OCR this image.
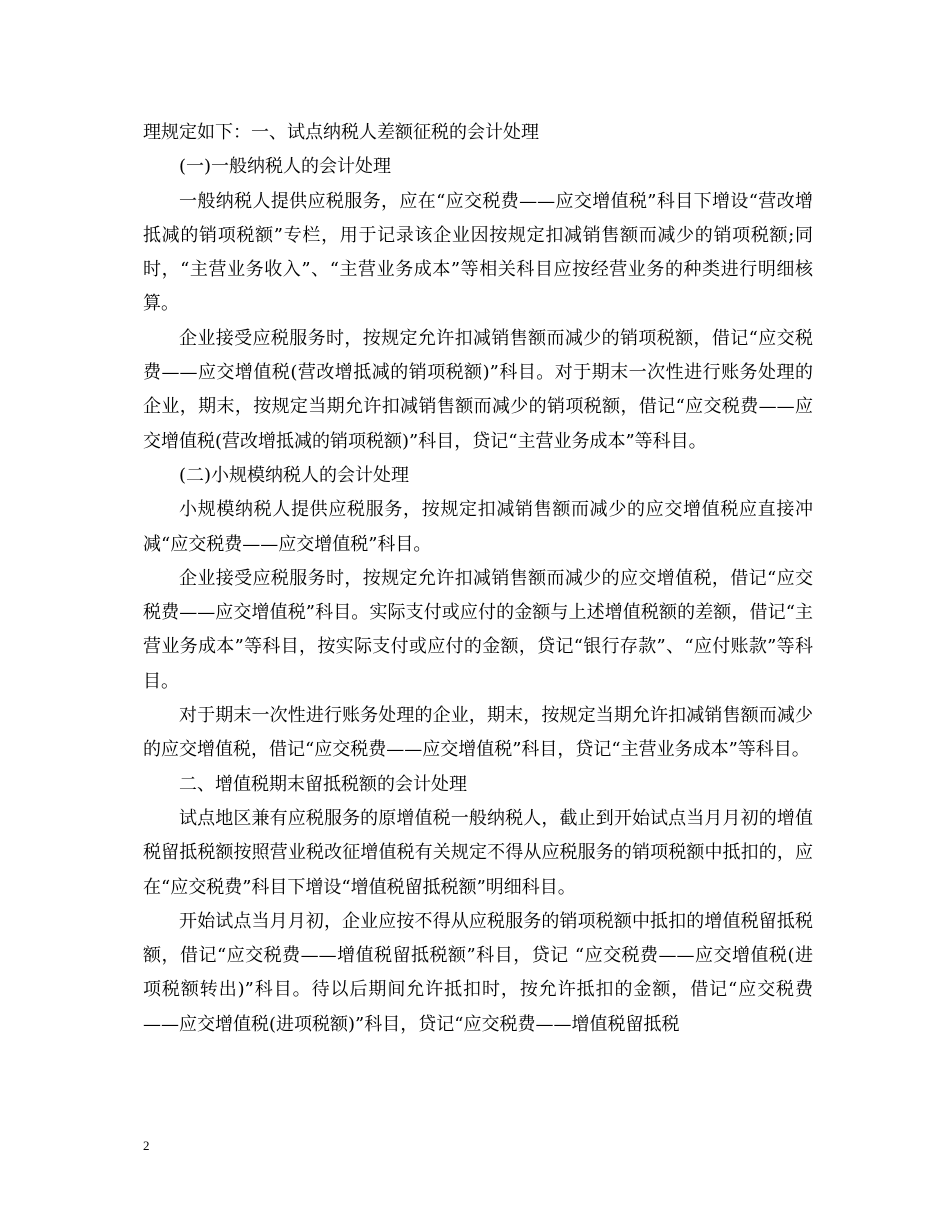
理规定如下：一、试点纳税人差额征税的会计处理

(一)一般纳税人的会计处理

一般纳税人提供应税服务，应在“应交税费——应交增值税”科目下增设“营改增抵减的销项税额”专栏，用于记录该企业因按规定扣减销售额而减少的销项税额;同时，“主营业务收入”、“主营业务成本”等相关科目应按经营业务的种类进行明细核算。

企业接受应税服务时，按规定允许扣减销售额而减少的销项税额，借记“应交税费——应交增值税(营改增抵减的销项税额)”科目。对于期末一次性进行账务处理的企业，期末，按规定当期允许扣减销售额而减少的销项税额，借记“应交税费——应交增值税(营改增抵减的销项税额)”科目，贷记“主营业务成本”等科目。

(二)小规模纳税人的会计处理

小规模纳税人提供应税服务，按规定扣减销售额而减少的应交增值税应直接冲减“应交税费——应交增值税”科目。

企业接受应税服务时，按规定允许扣减销售额而减少的应交增值税，借记“应交税费——应交增值税”科目。实际支付或应付的金额与上述增值税额的差额，借记“主营业务成本”等科目，按实际支付或应付的金额，贷记“银行存款”、“应付账款”等科目。

对于期末一次性进行账务处理的企业，期末，按规定当期允许扣减销售额而减少的应交增值税，借记“应交税费——应交增值税”科目，贷记“主营业务成本”等科目。

二、增值税期末留抵税额的会计处理

试点地区兼有应税服务的原增值税一般纳税人，截止到开始试点当月月初的增值税留抵税额按照营业税改征增值税有关规定不得从应税服务的销项税额中抵扣的，应在“应交税费”科目下增设“增值税留抵税额”明细科目。

开始试点当月月初，企业应按不得从应税服务的销项税额中抵扣的增值税留抵税额，借记“应交税费——增值税留抵税额”科目，贷记 “应交税费——应交增值税(进项税额转出)”科目。待以后期间允许抵扣时，按允许抵扣的金额，借记“应交税费——应交增值税(进项税额)”科目，贷记“应交税费——增值税留抵税

2
